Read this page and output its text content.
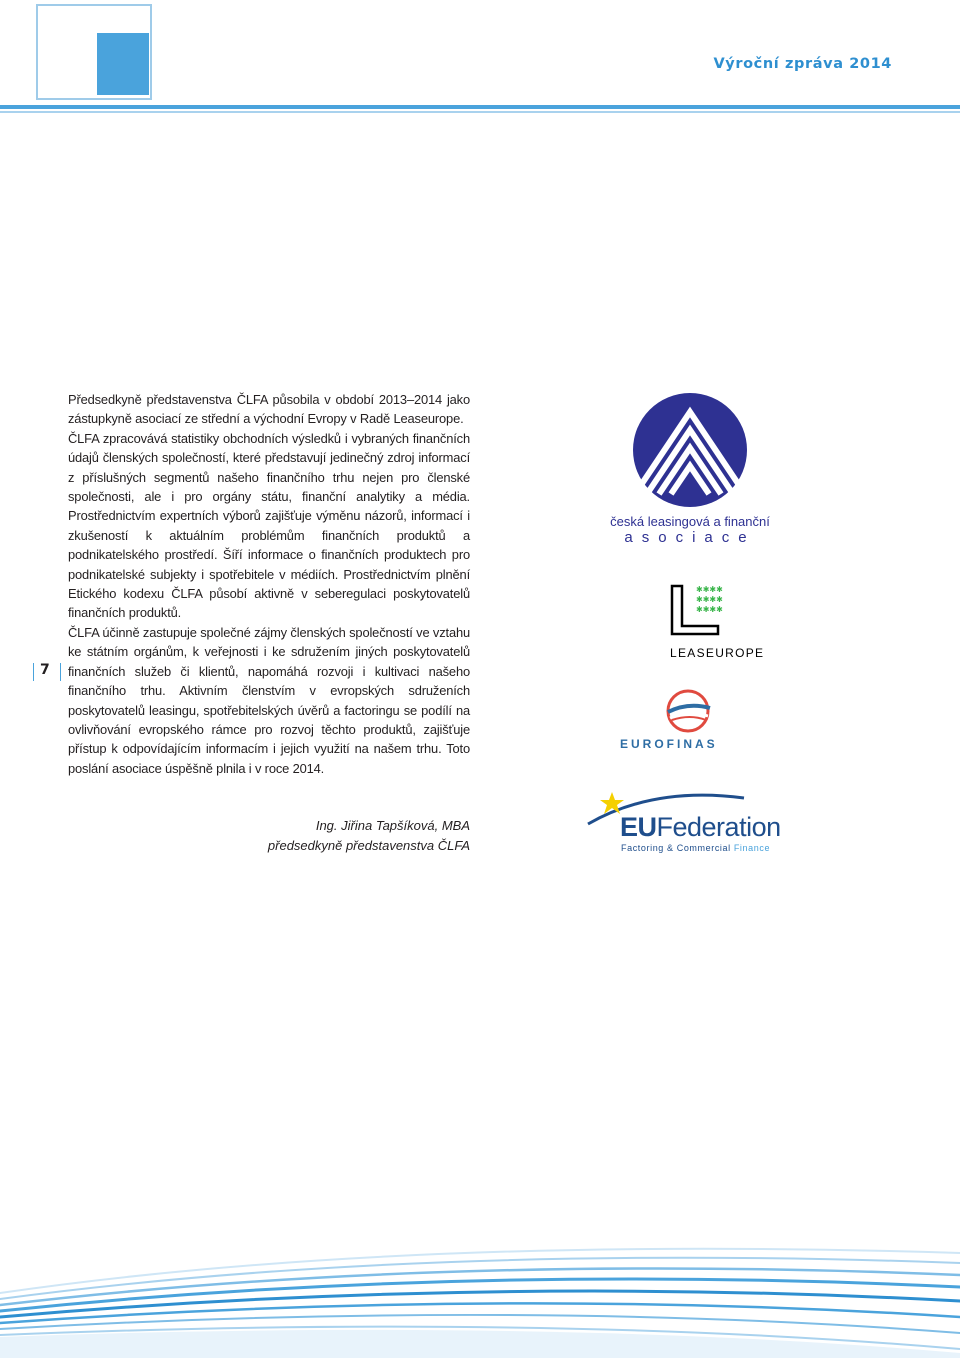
Výroční zpráva 2014
7

Předsedkyně představenstva ČLFA působila v období 2013–2014 jako zástupkyně asociací ze střední a východní Evropy v Radě Leaseurope.

ČLFA zpracovává statistiky obchodních výsledků i vybraných finančních údajů členských společností, které představují jedinečný zdroj informací z příslušných segmentů našeho finančního trhu nejen pro členské společnosti, ale i pro orgány státu, finanční analytiky a média. Prostřednictvím expertních výborů zajišťuje výměnu názorů, informací i zkušeností k aktuálním problémům finančních produktů a podnikatelského prostředí. Šíří informace o finančních produktech pro podnikatelské subjekty i spotřebitele v médiích. Prostřednictvím plnění Etického kodexu ČLFA působí aktivně v seberegulaci poskytovatelů finančních produktů.

ČLFA účinně zastupuje společné zájmy členských společností ve vztahu ke státním orgánům, k veřejnosti i ke sdružením jiných poskytovatelů finančních služeb či klientů, napomáhá rozvoji i kultivaci našeho finančního trhu. Aktivním členstvím v evropských sdruženích poskytovatelů leasingu, spotřebitelských úvěrů a factoringu se podílí na ovlivňování evropského rámce pro rozvoj těchto produktů, zajišťuje přístup k odpovídajícím informacím i jejich využití na našem trhu. Toto poslání asociace úspěšně plnila i v roce 2014.

Ing. Jiřina Tapšíková, MBA
předsedkyně představenstva ČLFA
česká leasingová a finanční
asociace
✱✱✱✱
✱✱✱✱
✱✱✱✱
LEASEUROPE
EUROFINAS
EUFederation
Factoring & Commercial Finance
